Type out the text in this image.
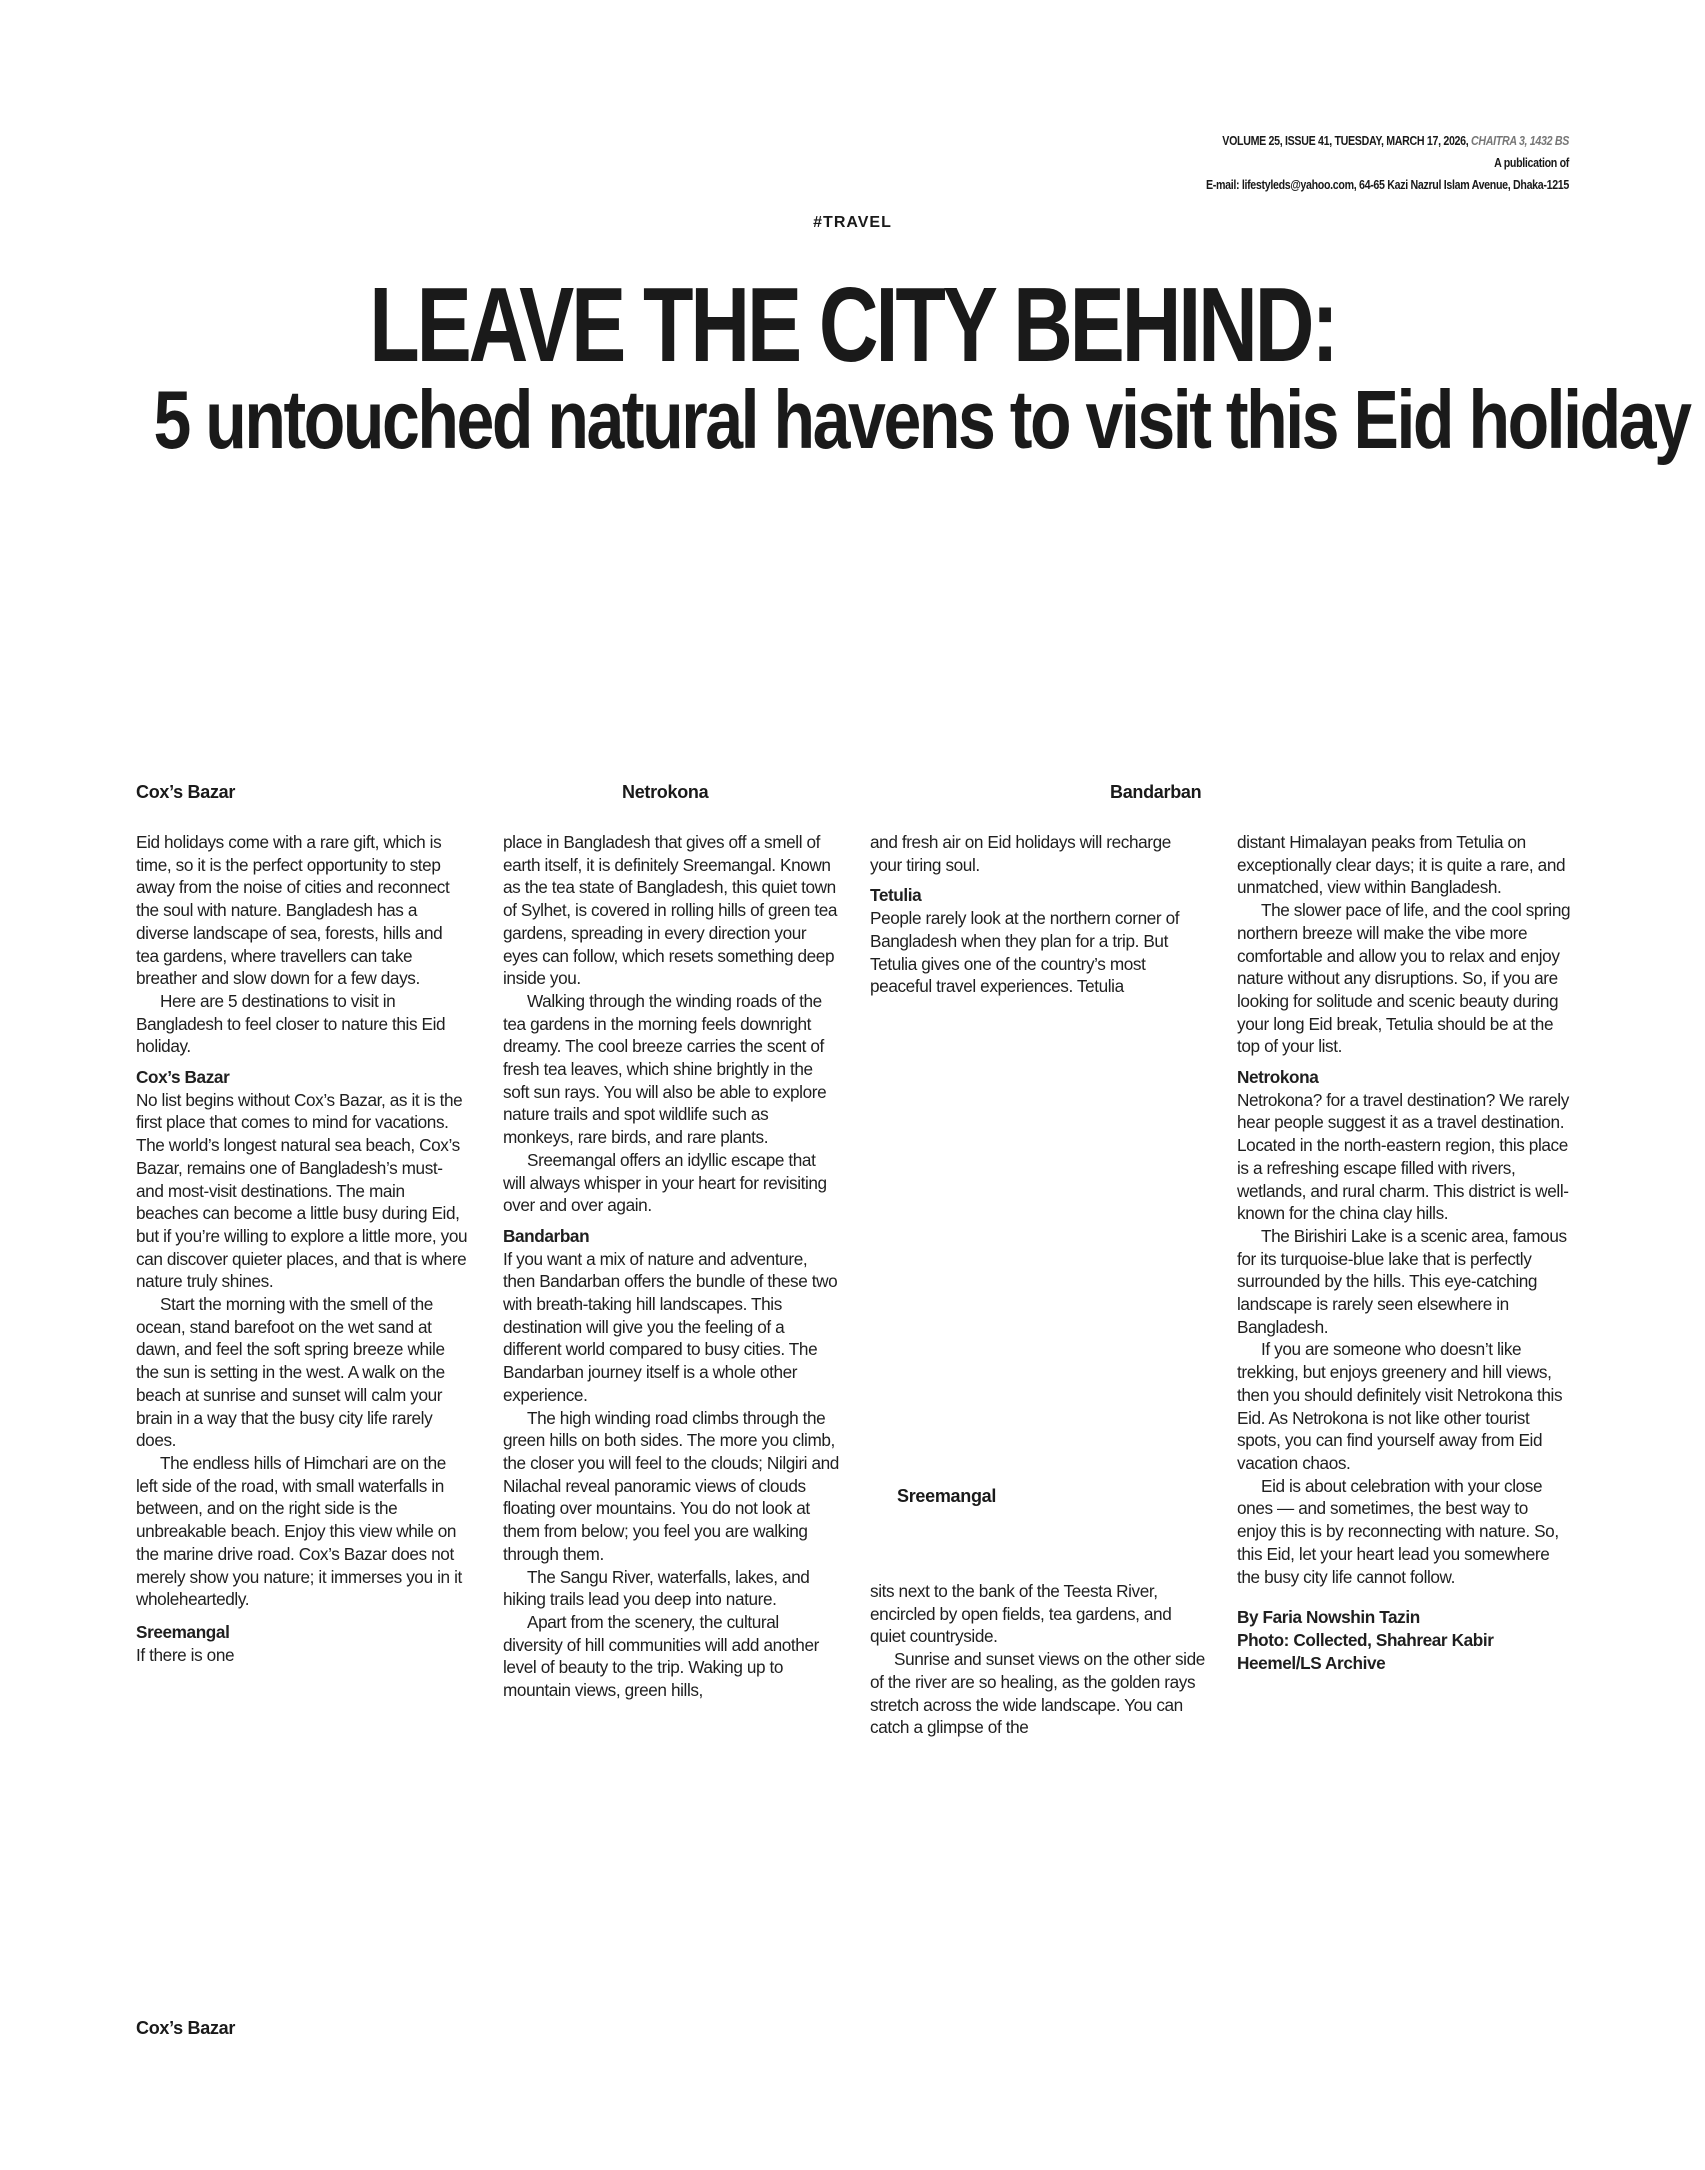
VOLUME 25, ISSUE 41, TUESDAY, MARCH 17, 2026, CHAITRA 3, 1432 BS
A publication of
E-mail: lifestyleds@yahoo.com, 64-65 Kazi Nazrul Islam Avenue, Dhaka-1215
#TRAVEL
LEAVE THE CITY BEHIND:
5 untouched natural havens to visit this Eid holiday
Cox’s Bazar	Netrokona	Bandarban
Sreemangal
Cox’s Bazar

Eid holidays come with a rare gift, which is time, so it is the perfect opportunity to step away from the noise of cities and reconnect the soul with nature. Bangladesh has a diverse landscape of sea, forests, hills and tea gardens, where travellers can take breather and slow down for a few days.

Here are 5 destinations to visit in Bangladesh to feel closer to nature this Eid holiday.

Cox’s Bazar

No list begins without Cox’s Bazar, as it is the first place that comes to mind for vacations. The world’s longest natural sea beach, Cox’s Bazar, remains one of Bangladesh’s must- and most-visit destinations. The main beaches can become a little busy during Eid, but if you’re willing to explore a little more, you can discover quieter places, and that is where nature truly shines.

Start the morning with the smell of the ocean, stand barefoot on the wet sand at dawn, and feel the soft spring breeze while the sun is setting in the west. A walk on the beach at sunrise and sunset will calm your brain in a way that the busy city life rarely does.

The endless hills of Himchari are on the left side of the road, with small waterfalls in between, and on the right side is the unbreakable beach. Enjoy this view while on the marine drive road. Cox’s Bazar does not merely show you nature; it immerses you in it wholeheartedly.

Sreemangal

If there is one

place in Bangladesh that gives off a smell of earth itself, it is definitely Sreemangal. Known as the tea state of Bangladesh, this quiet town of Sylhet, is covered in rolling hills of green tea gardens, spreading in every direction your eyes can follow, which resets something deep inside you.

Walking through the winding roads of the tea gardens in the morning feels downright dreamy. The cool breeze carries the scent of fresh tea leaves, which shine brightly in the soft sun rays. You will also be able to explore nature trails and spot wildlife such as monkeys, rare birds, and rare plants.

Sreemangal offers an idyllic escape that will always whisper in your heart for revisiting over and over again.

Bandarban

If you want a mix of nature and adventure, then Bandarban offers the bundle of these two with breath-taking hill landscapes. This destination will give you the feeling of a different world compared to busy cities. The Bandarban journey itself is a whole other experience.

The high winding road climbs through the green hills on both sides. The more you climb, the closer you will feel to the clouds; Nilgiri and Nilachal reveal panoramic views of clouds floating over mountains. You do not look at them from below; you feel you are walking through them.

The Sangu River, waterfalls, lakes, and hiking trails lead you deep into nature.

Apart from the scenery, the cultural diversity of hill communities will add another level of beauty to the trip. Waking up to mountain views, green hills,

and fresh air on Eid holidays will recharge your tiring soul.

Tetulia

People rarely look at the northern corner of Bangladesh when they plan for a trip. But Tetulia gives one of the country’s most peaceful travel experiences. Tetulia

sits next to the bank of the Teesta River, encircled by open fields, tea gardens, and quiet countryside.

Sunrise and sunset views on the other side of the river are so healing, as the golden rays stretch across the wide landscape. You can catch a glimpse of the

distant Himalayan peaks from Tetulia on exceptionally clear days; it is quite a rare, and unmatched, view within Bangladesh.

The slower pace of life, and the cool spring northern breeze will make the vibe more comfortable and allow you to relax and enjoy nature without any disruptions. So, if you are looking for solitude and scenic beauty during your long Eid break, Tetulia should be at the top of your list.

Netrokona

Netrokona? for a travel destination? We rarely hear people suggest it as a travel destination. Located in the north-eastern region, this place is a refreshing escape filled with rivers, wetlands, and rural charm. This district is well-known for the china clay hills.

The Birishiri Lake is a scenic area, famous for its turquoise-blue lake that is perfectly surrounded by the hills. This eye-catching landscape is rarely seen elsewhere in Bangladesh.

If you are someone who doesn’t like trekking, but enjoys greenery and hill views, then you should definitely visit Netrokona this Eid. As Netrokona is not like other tourist spots, you can find yourself away from Eid vacation chaos.

Eid is about celebration with your close ones — and sometimes, the best way to enjoy this is by reconnecting with nature. So, this Eid, let your heart lead you somewhere the busy city life cannot follow.

By Faria Nowshin Tazin

Photo: Collected, Shahrear Kabir Heemel/LS Archive
